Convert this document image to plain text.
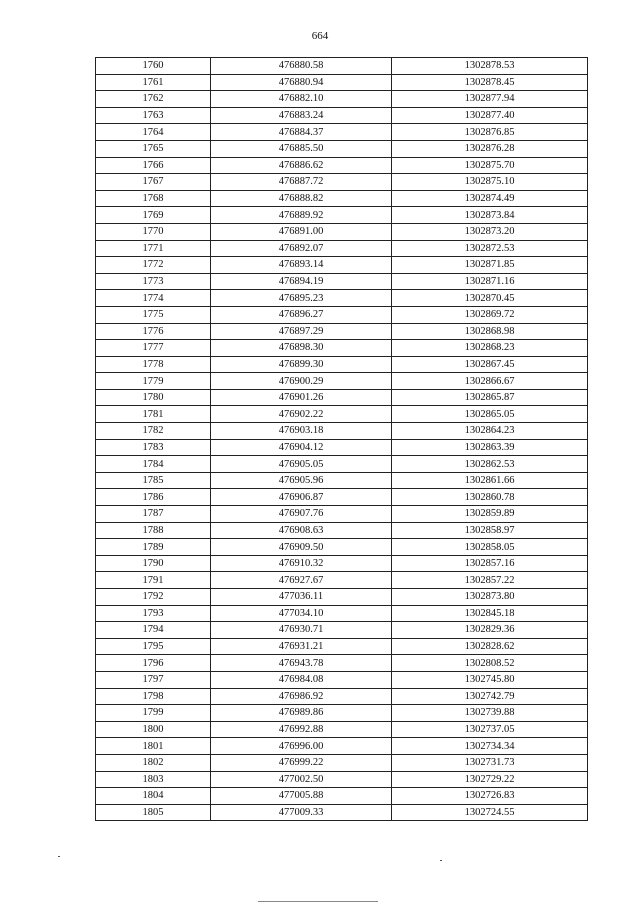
664
1760	476880.58	1302878.53
1761	476880.94	1302878.45
1762	476882.10	1302877.94
1763	476883.24	1302877.40
1764	476884.37	1302876.85
1765	476885.50	1302876.28
1766	476886.62	1302875.70
1767	476887.72	1302875.10
1768	476888.82	1302874.49
1769	476889.92	1302873.84
1770	476891.00	1302873.20
1771	476892.07	1302872.53
1772	476893.14	1302871.85
1773	476894.19	1302871.16
1774	476895.23	1302870.45
1775	476896.27	1302869.72
1776	476897.29	1302868.98
1777	476898.30	1302868.23
1778	476899.30	1302867.45
1779	476900.29	1302866.67
1780	476901.26	1302865.87
1781	476902.22	1302865.05
1782	476903.18	1302864.23
1783	476904.12	1302863.39
1784	476905.05	1302862.53
1785	476905.96	1302861.66
1786	476906.87	1302860.78
1787	476907.76	1302859.89
1788	476908.63	1302858.97
1789	476909.50	1302858.05
1790	476910.32	1302857.16
1791	476927.67	1302857.22
1792	477036.11	1302873.80
1793	477034.10	1302845.18
1794	476930.71	1302829.36
1795	476931.21	1302828.62
1796	476943.78	1302808.52
1797	476984.08	1302745.80
1798	476986.92	1302742.79
1799	476989.86	1302739.88
1800	476992.88	1302737.05
1801	476996.00	1302734.34
1802	476999.22	1302731.73
1803	477002.50	1302729.22
1804	477005.88	1302726.83
1805	477009.33	1302724.55
